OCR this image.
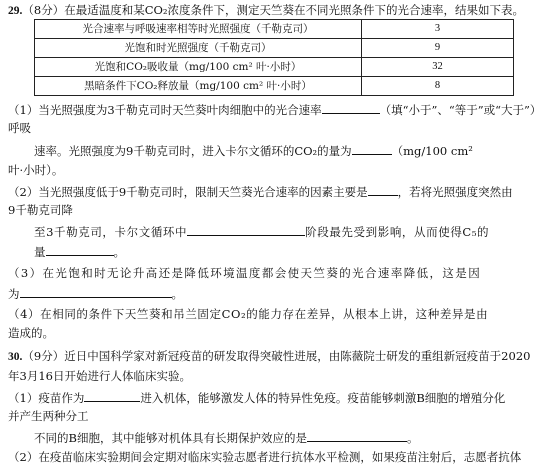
29.（8分）在最适温度和某CO₂浓度条件下，测定天竺葵在不同光照条件下的光合速率，结果如下表。
光合速率与呼吸速率相等时光照强度（千勒克司）	3
光饱和时光照强度（千勒克司）	9
光饱和CO₂吸收量（mg/100 cm² 叶·小时）	32
黑暗条件下CO₂释放量（mg/100 cm² 叶·小时）	8
（1）当光照强度为3千勒克司时天竺葵叶肉细胞中的光合速率	（填“小于”、“等于”或“大于”）
呼吸
速率。光照强度为9千勒克司时，进入卡尔文循环的CO₂的量为	（mg/100 cm²
叶·小时）。
（2）当光照强度低于9千勒克司时，限制天竺葵光合速率的因素主要是	，若将光照强度突然由
9千勒克司降
至3千勒克司，卡尔文循环中	阶段最先受到影响，从而使得C₅的
量	。
（3）在光饱和时无论升高还是降低环境温度都会使天竺葵的光合速率降低，这是因
为	。
（4）在相同的条件下天竺葵和吊兰固定CO₂的能力存在差异，从根本上讲，这种差异是由
造成的。
30.（9分）近日中国科学家对新冠疫苗的研发取得突破性进展，由陈薇院士研发的重组新冠疫苗于2020
年3月16日开始进行人体临床实验。
（1）疫苗作为	进入机体，能够激发人体的特异性免疫。疫苗能够刺激B细胞的增殖分化
并产生两种分工
不同的B细胞，其中能够对机体具有长期保护效应的是	。
（2）在疫苗临床实验期间会定期对临床实验志愿者进行抗体水平检测，如果疫苗注射后，志愿者抗体
